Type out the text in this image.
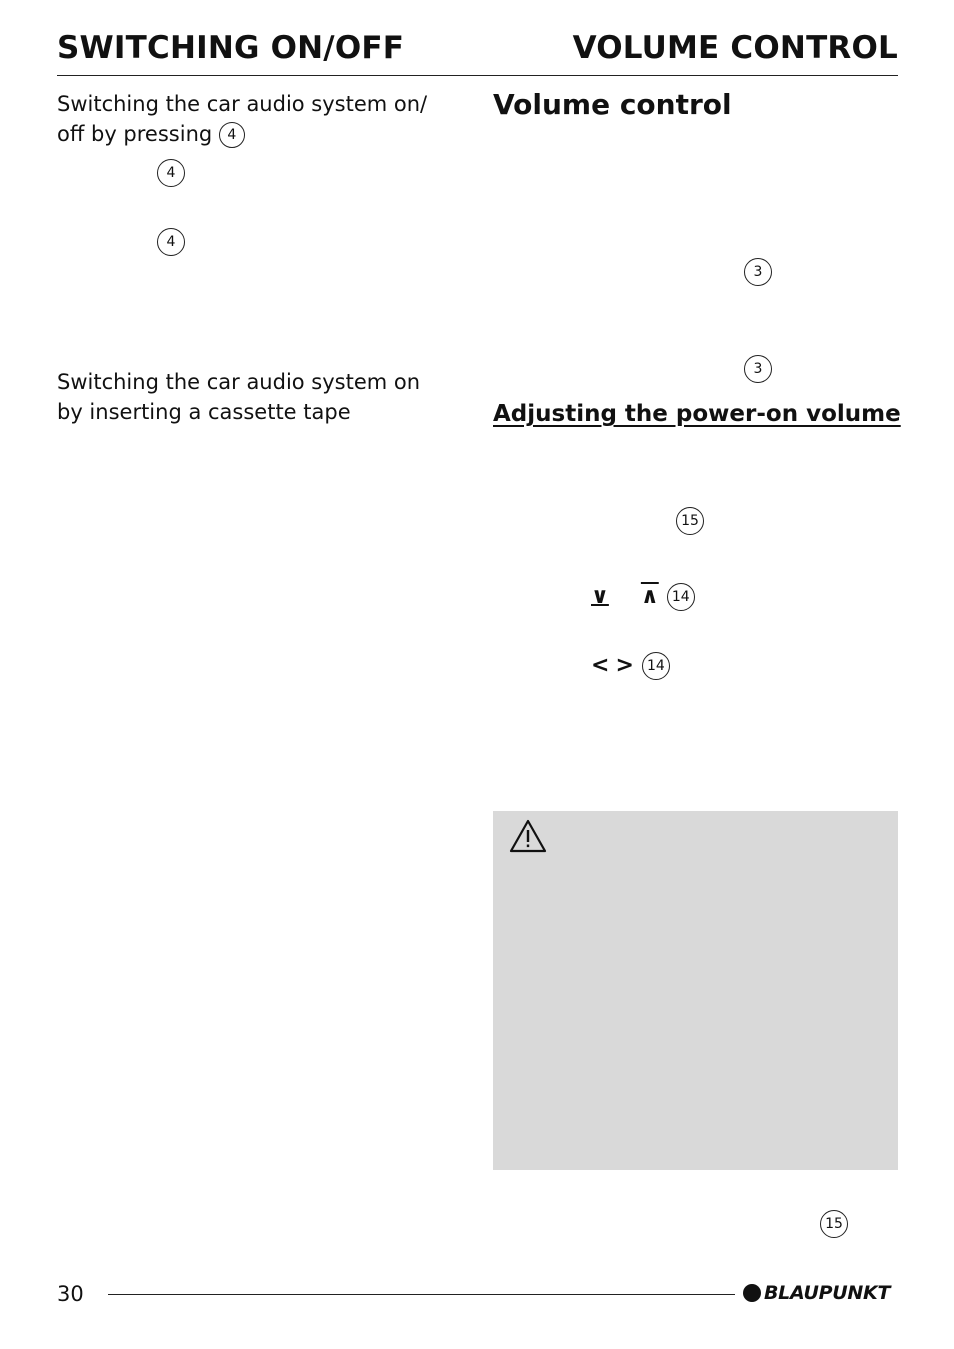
SWITCHING ON/OFF	VOLUME CONTROL
Switching the car audio system on/
off by pressing 4
4
4
Switching the car audio system on
by inserting a cassette tape
Volume control
3
3
Adjusting the power-on volume
15
∨ ∧ 14
< > 14
15
30	BLAUPUNKT
